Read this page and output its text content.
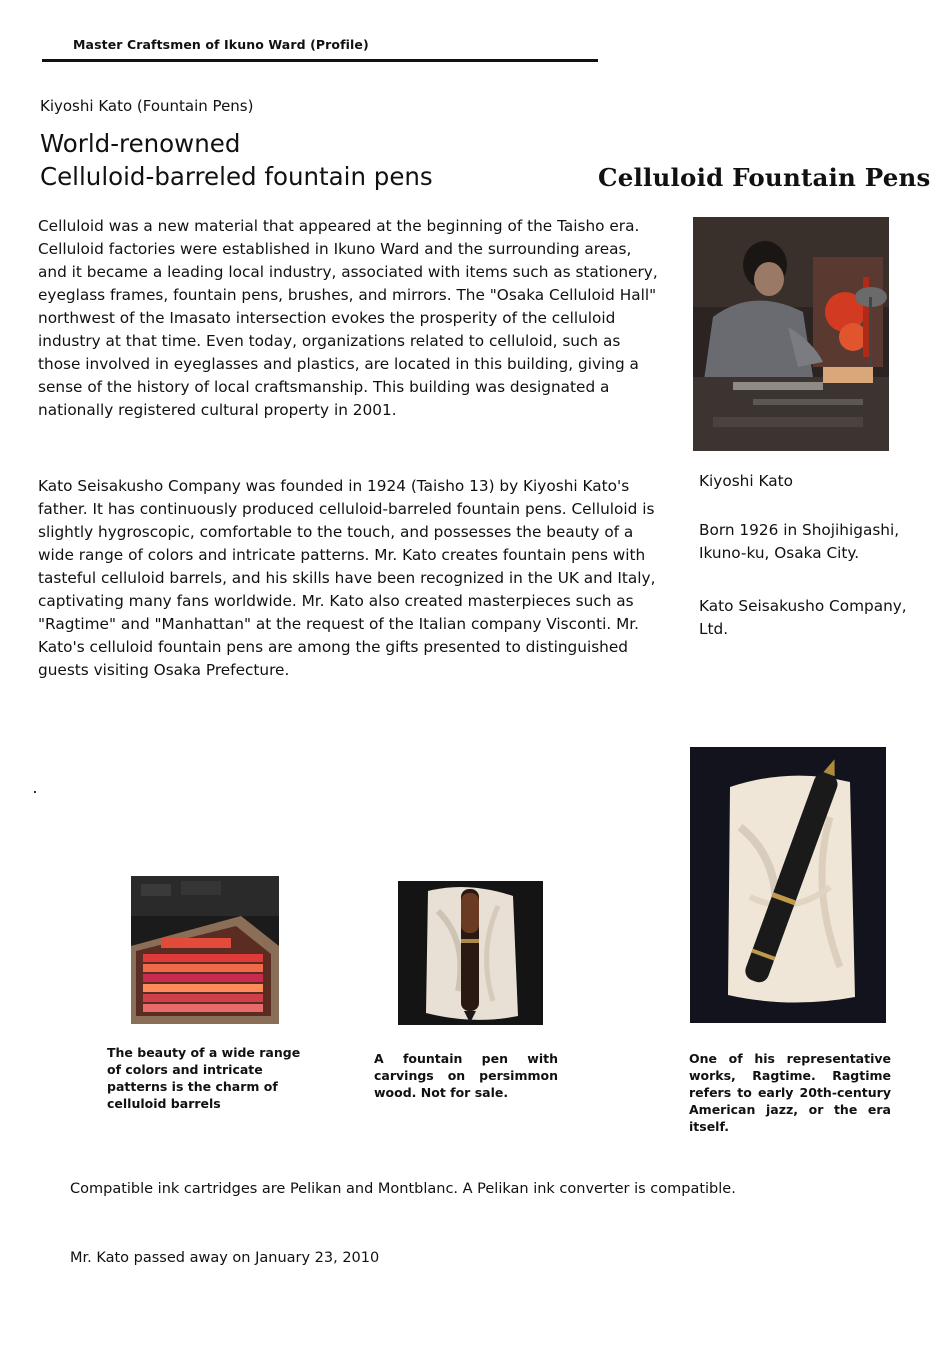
Master Craftsmen of Ikuno Ward (Profile)
Kiyoshi Kato (Fountain Pens)
World-renowned
Celluloid-barreled fountain pens	Celluloid Fountain Pens
Celluloid was a new material that appeared at the beginning of the Taisho era. Celluloid factories were established in Ikuno Ward and the surrounding areas, and it became a leading local industry, associated with items such as stationery, eyeglass frames, fountain pens, brushes, and mirrors. The "Osaka Celluloid Hall" northwest of the Imasato intersection evokes the prosperity of the celluloid industry at that time. Even today, organizations related to celluloid, such as those involved in eyeglasses and plastics, are located in this building, giving a sense of the history of local craftsmanship. This building was designated a nationally registered cultural property in 2001.
Kato Seisakusho Company was founded in 1924 (Taisho 13) by Kiyoshi Kato's father. It has continuously produced celluloid-barreled fountain pens. Celluloid is slightly hygroscopic, comfortable to the touch, and possesses the beauty of a wide range of colors and intricate patterns. Mr. Kato creates fountain pens with tasteful celluloid barrels, and his skills have been recognized in the UK and Italy, captivating many fans worldwide. Mr. Kato also created masterpieces such as "Ragtime" and "Manhattan" at the request of the Italian company Visconti. Mr. Kato's celluloid fountain pens are among the gifts presented to distinguished guests visiting Osaka Prefecture.
Kiyoshi Kato
Born 1926 in Shojihigashi, Ikuno-ku, Osaka City.
Kato Seisakusho Company, Ltd.
The beauty of a wide range of colors and intricate patterns is the charm of celluloid barrels
A fountain pen with carvings on persimmon wood. Not for sale.
One of his representative works, Ragtime. Ragtime refers to early 20th-century American jazz, or the era itself.
Compatible ink cartridges are Pelikan and Montblanc. A Pelikan ink converter is compatible.
Mr. Kato passed away on January 23, 2010
